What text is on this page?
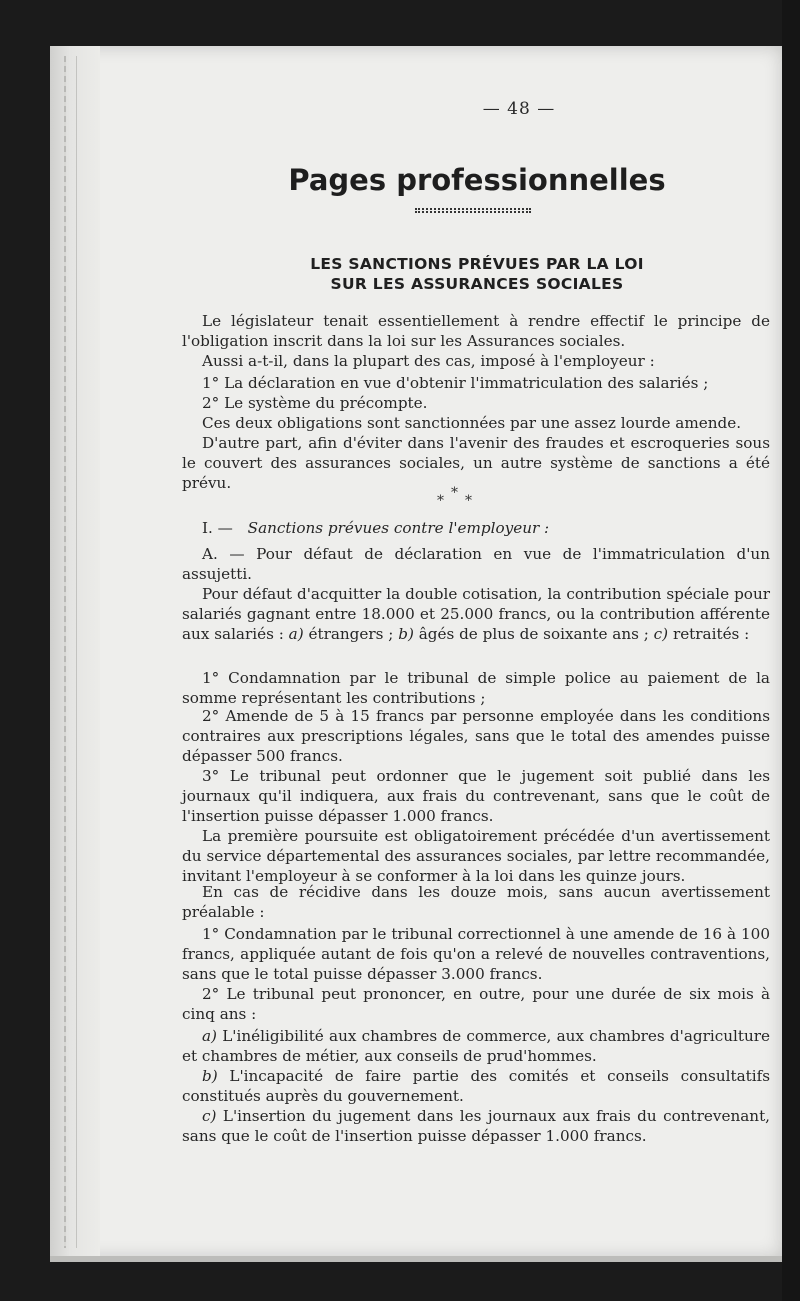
— 48 —
Pages professionnelles
LES SANCTIONS PRÉVUES PAR LA LOI
SUR LES ASSURANCES SOCIALES

Le législateur tenait essentiellement à rendre effectif le principe de l'obligation inscrit dans la loi sur les Assurances sociales.

Aussi a-t-il, dans la plupart des cas, imposé à l'employeur :

1° La déclaration en vue d'obtenir l'immatriculation des salariés ;

2° Le système du précompte.

Ces deux obligations sont sanctionnées par une assez lourde amende.

D'autre part, afin d'éviter dans l'avenir des fraudes et escroqueries sous le couvert des assurances sociales, un autre système de sanctions a été prévu.

* * *

I. — Sanctions prévues contre l'employeur :

A. — Pour défaut de déclaration en vue de l'immatriculation d'un assujetti.

Pour défaut d'acquitter la double cotisation, la contribution spéciale pour salariés gagnant entre 18.000 et 25.000 francs, ou la contribution afférente aux salariés : a) étrangers ; b) âgés de plus de soixante ans ; c) retraités :

1° Condamnation par le tribunal de simple police au paiement de la somme représentant les contributions ;

2° Amende de 5 à 15 francs par personne employée dans les conditions contraires aux prescriptions légales, sans que le total des amendes puisse dépasser 500 francs.

3° Le tribunal peut ordonner que le jugement soit publié dans les journaux qu'il indiquera, aux frais du contrevenant, sans que le coût de l'insertion puisse dépasser 1.000 francs.

La première poursuite est obligatoirement précédée d'un avertissement du service départemental des assurances sociales, par lettre recommandée, invitant l'employeur à se conformer à la loi dans les quinze jours.

En cas de récidive dans les douze mois, sans aucun avertissement préalable :

1° Condamnation par le tribunal correctionnel à une amende de 16 à 100 francs, appliquée autant de fois qu'on a relevé de nouvelles contraventions, sans que le total puisse dépasser 3.000 francs.

2° Le tribunal peut prononcer, en outre, pour une durée de six mois à cinq ans :

a) L'inéligibilité aux chambres de commerce, aux chambres d'agriculture et chambres de métier, aux conseils de prud'hommes.

b) L'incapacité de faire partie des comités et conseils consultatifs constitués auprès du gouvernement.

c) L'insertion du jugement dans les journaux aux frais du contrevenant, sans que le coût de l'insertion puisse dépasser 1.000 francs.
